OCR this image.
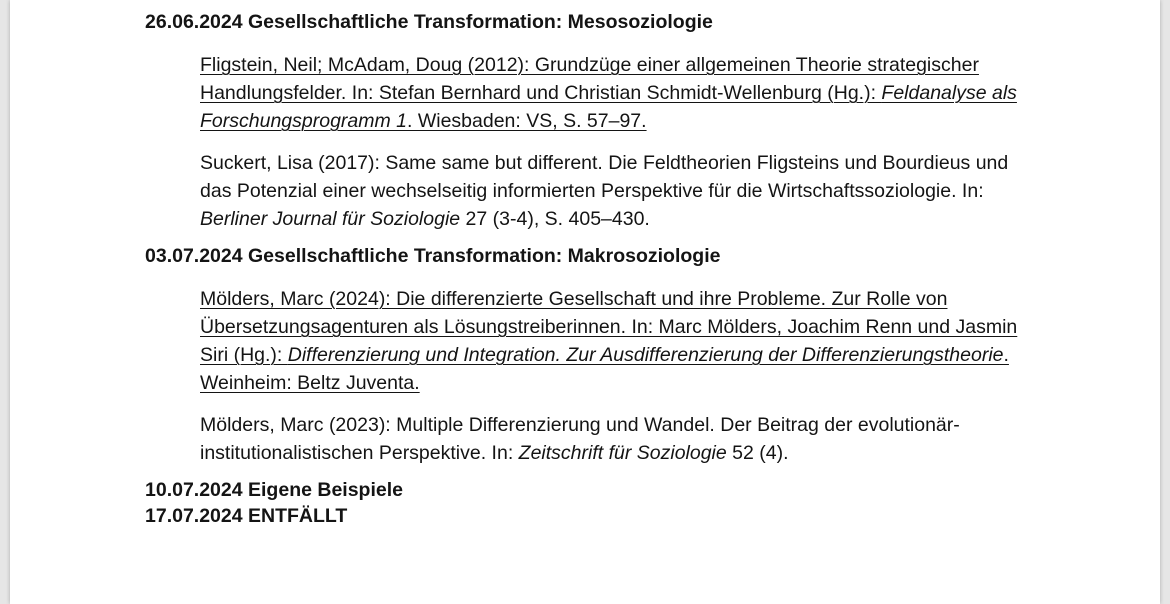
26.06.2024 Gesellschaftliche Transformation: Mesosoziologie

Fligstein, Neil; McAdam, Doug (2012): Grundzüge einer allgemeinen Theorie strategischer Handlungsfelder. In: Stefan Bernhard und Christian Schmidt-Wellenburg (Hg.): Feldanalyse als Forschungsprogramm 1. Wiesbaden: VS, S. 57–97.
Suckert, Lisa (2017): Same same but different. Die Feldtheorien Fligsteins und Bourdieus und das Potenzial einer wechselseitig informierten Perspektive für die Wirtschaftssoziologie. In: Berliner Journal für Soziologie 27 (3-4), S. 405–430.

03.07.2024 Gesellschaftliche Transformation: Makrosoziologie

Mölders, Marc (2024): Die differenzierte Gesellschaft und ihre Probleme. Zur Rolle von Übersetzungsagenturen als Lösungstreiberinnen. In: Marc Mölders, Joachim Renn und Jasmin Siri (Hg.): Differenzierung und Integration. Zur Ausdifferenzierung der Differenzierungstheorie. Weinheim: Beltz Juventa.
Mölders, Marc (2023): Multiple Differenzierung und Wandel. Der Beitrag der evolutionär-institutionalistischen Perspektive. In: Zeitschrift für Soziologie 52 (4).

10.07.2024 Eigene Beispiele

17.07.2024 ENTFÄLLT
